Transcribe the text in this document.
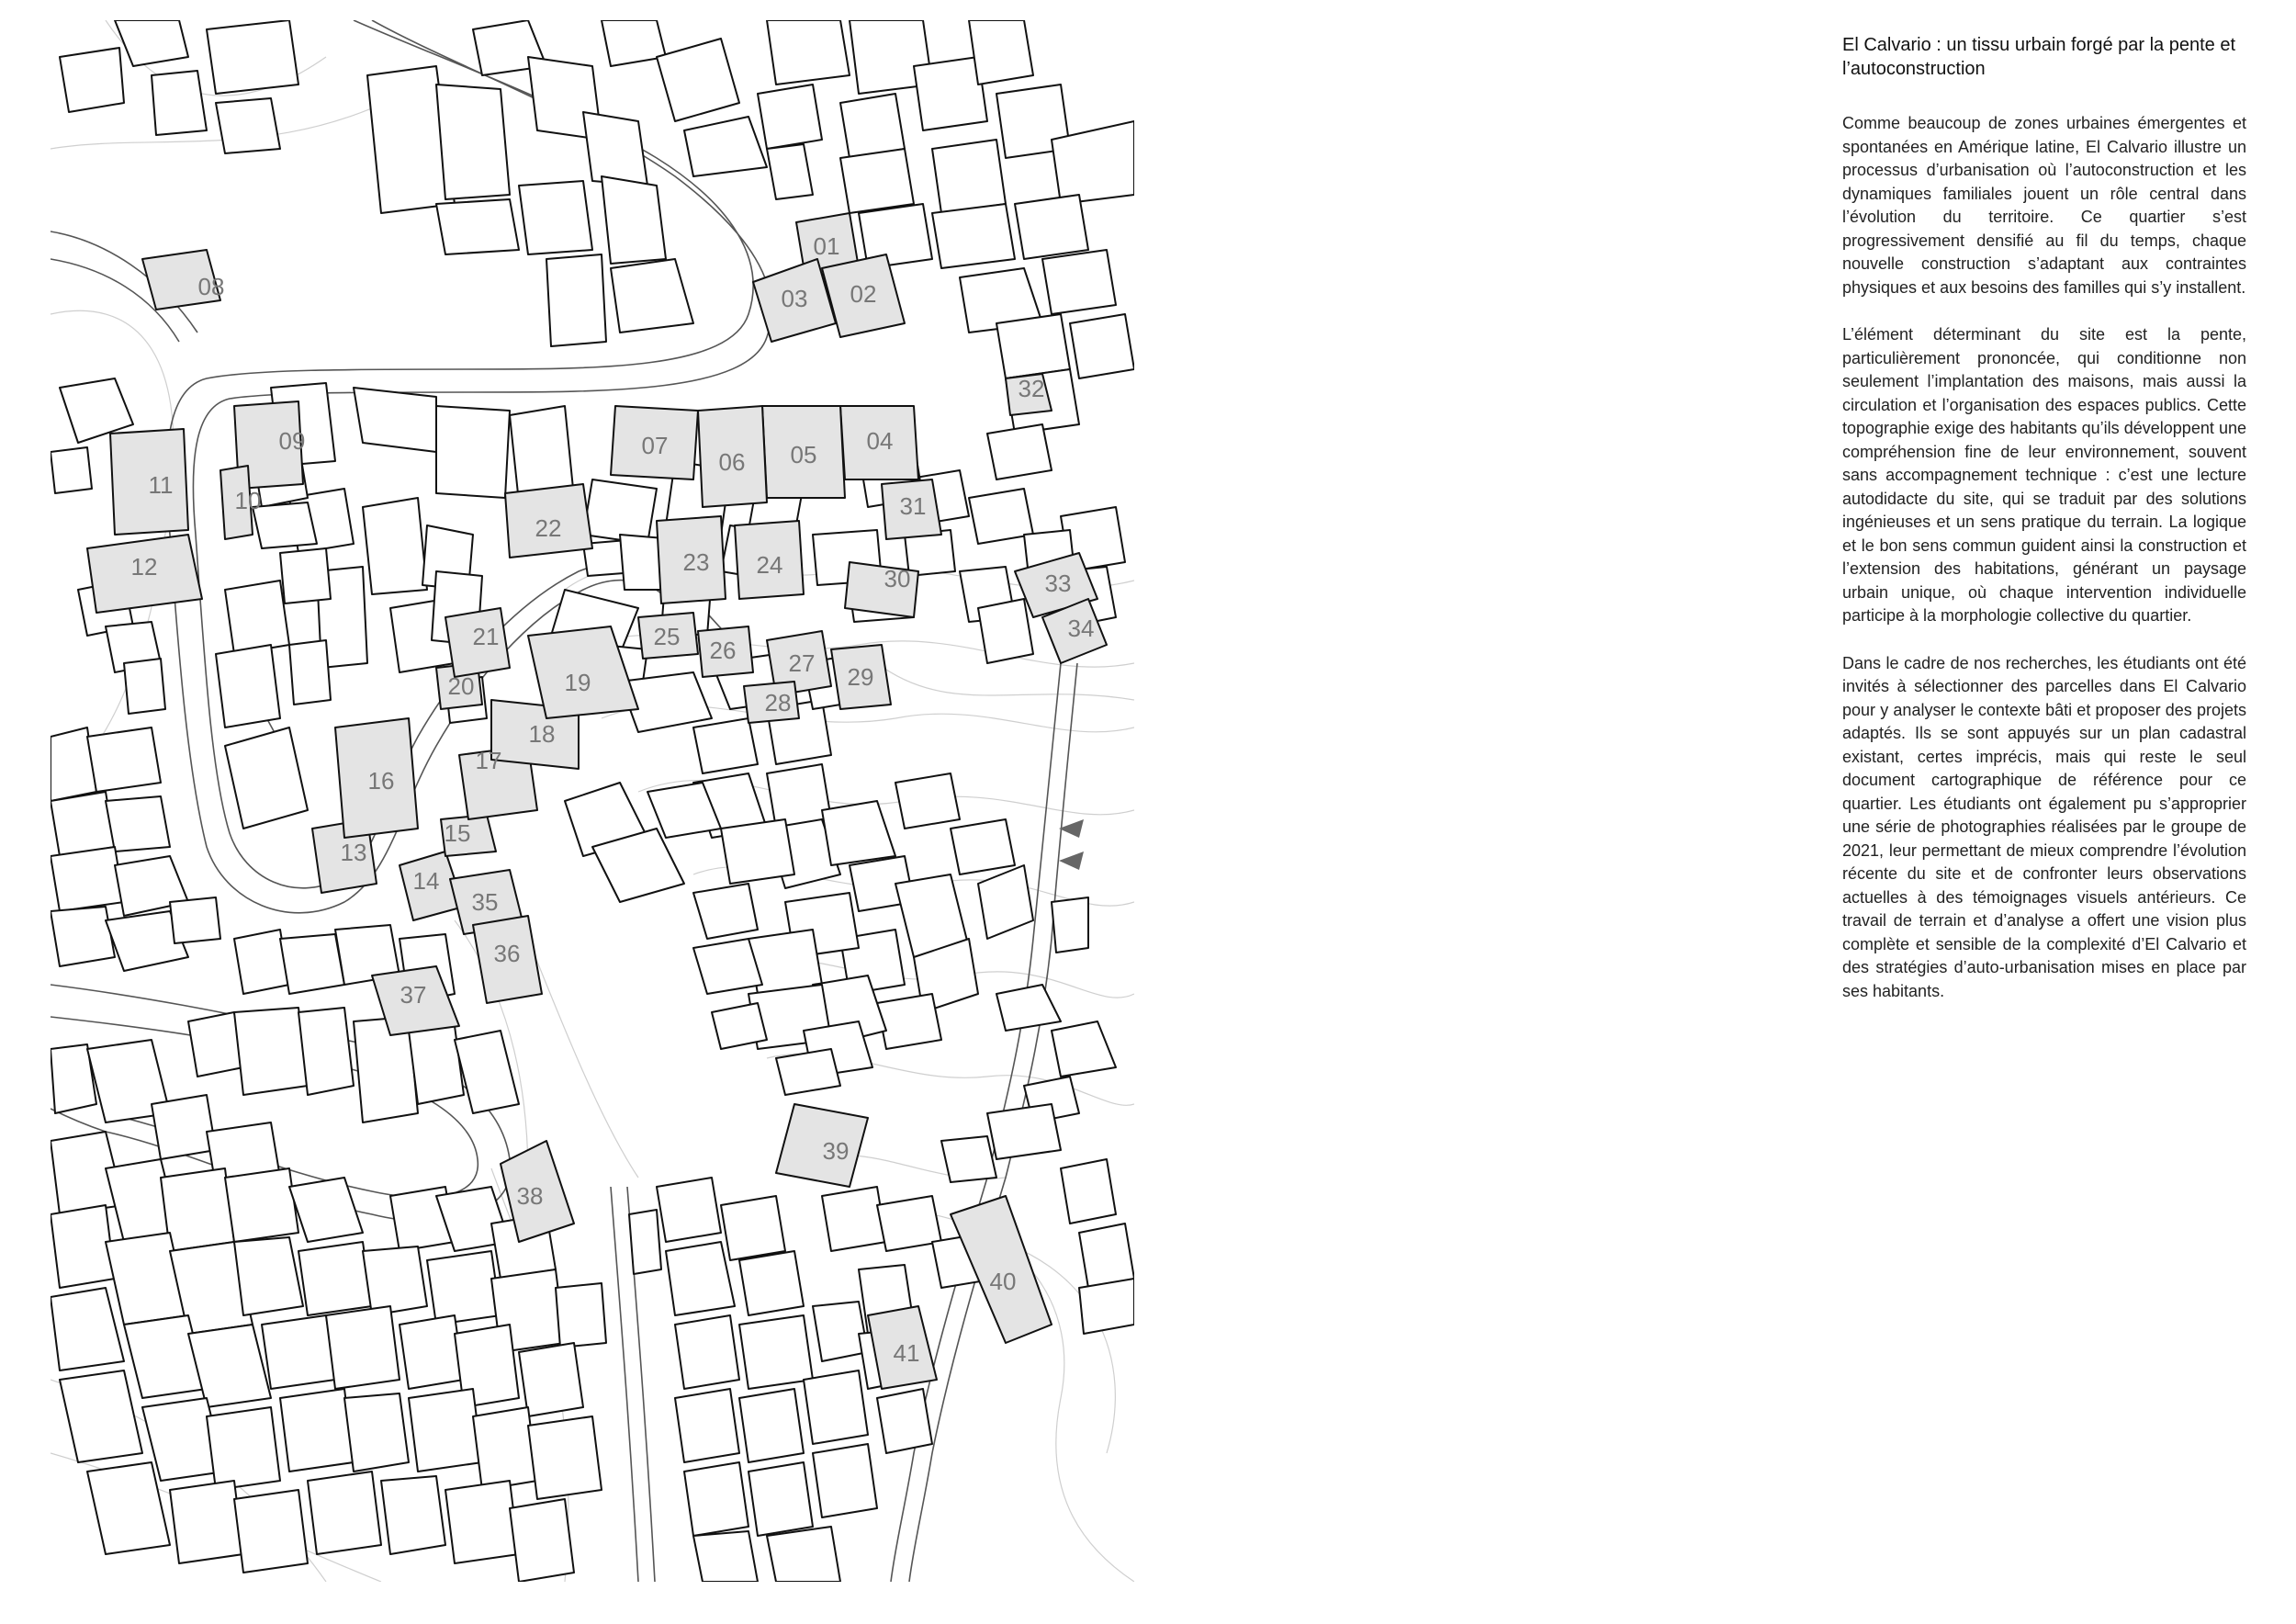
01
02
03
04
05
06
07
08
09
10
11
12
13
14
15
16
17
18
19
20
21
22
23 24
25 26 27
28
29
30
31
32
33
34
35
36
37
38
39
40
41
El Calvario : un tissu urbain forgé par la pente et l’autoconstruction

Comme beaucoup de zones urbaines émergentes et spontanées en Amérique latine, El Calvario illustre un processus d’urbanisation où l’autoconstruction et les dynamiques familiales jouent un rôle central dans l’évolution du territoire. Ce quartier s’est progressivement densifié au fil du temps, chaque nouvelle construction s’adaptant aux contraintes physiques et aux besoins des familles qui s’y installent.

L’élément déterminant du site est la pente, particulièrement prononcée, qui conditionne non seulement l’implantation des maisons, mais aussi la circulation et l’organisation des espaces publics. Cette topographie exige des habitants qu’ils développent une compréhension fine de leur environnement, souvent sans accompagnement technique : c’est une lecture autodidacte du site, qui se traduit par des solutions ingénieuses et un sens pratique du terrain. La logique et le bon sens commun guident ainsi la construction et l’extension des habitations, générant un paysage urbain unique, où chaque intervention individuelle participe à la morphologie collective du quartier.

Dans le cadre de nos recherches, les étudiants ont été invités à sélectionner des parcelles dans El Calvario pour y analyser le contexte bâti et proposer des projets adaptés. Ils se sont appuyés sur un plan cadastral existant, certes imprécis, mais qui reste le seul document cartographique de référence pour ce quartier. Les étudiants ont également pu s’approprier une série de photographies réalisées par le groupe de 2021, leur permettant de mieux comprendre l’évolution récente du site et de confronter leurs observations actuelles à des témoignages visuels antérieurs. Ce travail de terrain et d’analyse a offert une vision plus complète et sensible de la complexité d’El Calvario et des stratégies d’auto-urbanisation mises en place par ses habitants.
